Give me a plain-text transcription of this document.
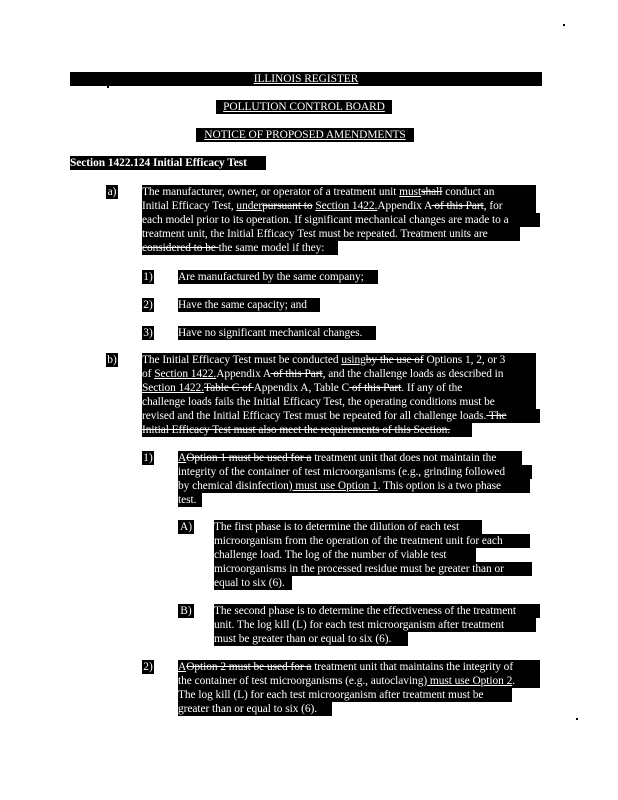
ILLINOIS REGISTER
POLLUTION CONTROL BOARD
NOTICE OF PROPOSED AMENDMENTS
Section 1422.124 Initial Efficacy Test
a) The manufacturer, owner, or operator of a treatment unit mustshall conduct an
Initial Efficacy Test, underpursuant to Section 1422.Appendix A of this Part, for
each model prior to its operation. If significant mechanical changes are made to a
treatment unit, the Initial Efficacy Test must be repeated. Treatment units are
considered to be the same model if they:
1) Are manufactured by the same company;
2) Have the same capacity; and
3) Have no significant mechanical changes.
b) The Initial Efficacy Test must be conducted usingby the use of Options 1, 2, or 3
of Section 1422.Appendix A of this Part, and the challenge loads as described in
Section 1422.Table C of Appendix A, Table C of this Part. If any of the
challenge loads fails the Initial Efficacy Test, the operating conditions must be
revised and the Initial Efficacy Test must be repeated for all challenge loads. The
Initial Efficacy Test must also meet the requirements of this Section.
1) AOption 1 must be used for a treatment unit that does not maintain the
integrity of the container of test microorganisms (e.g., grinding followed
by chemical disinfection) must use Option 1. This option is a two phase
test.
A) The first phase is to determine the dilution of each test
microorganism from the operation of the treatment unit for each
challenge load. The log of the number of viable test
microorganisms in the processed residue must be greater than or
equal to six (6).
B) The second phase is to determine the effectiveness of the treatment
unit. The log kill (L) for each test microorganism after treatment
must be greater than or equal to six (6).
2) AOption 2 must be used for a treatment unit that maintains the integrity of
the container of test microorganisms (e.g., autoclaving) must use Option 2.
The log kill (L) for each test microorganism after treatment must be
greater than or equal to six (6).
